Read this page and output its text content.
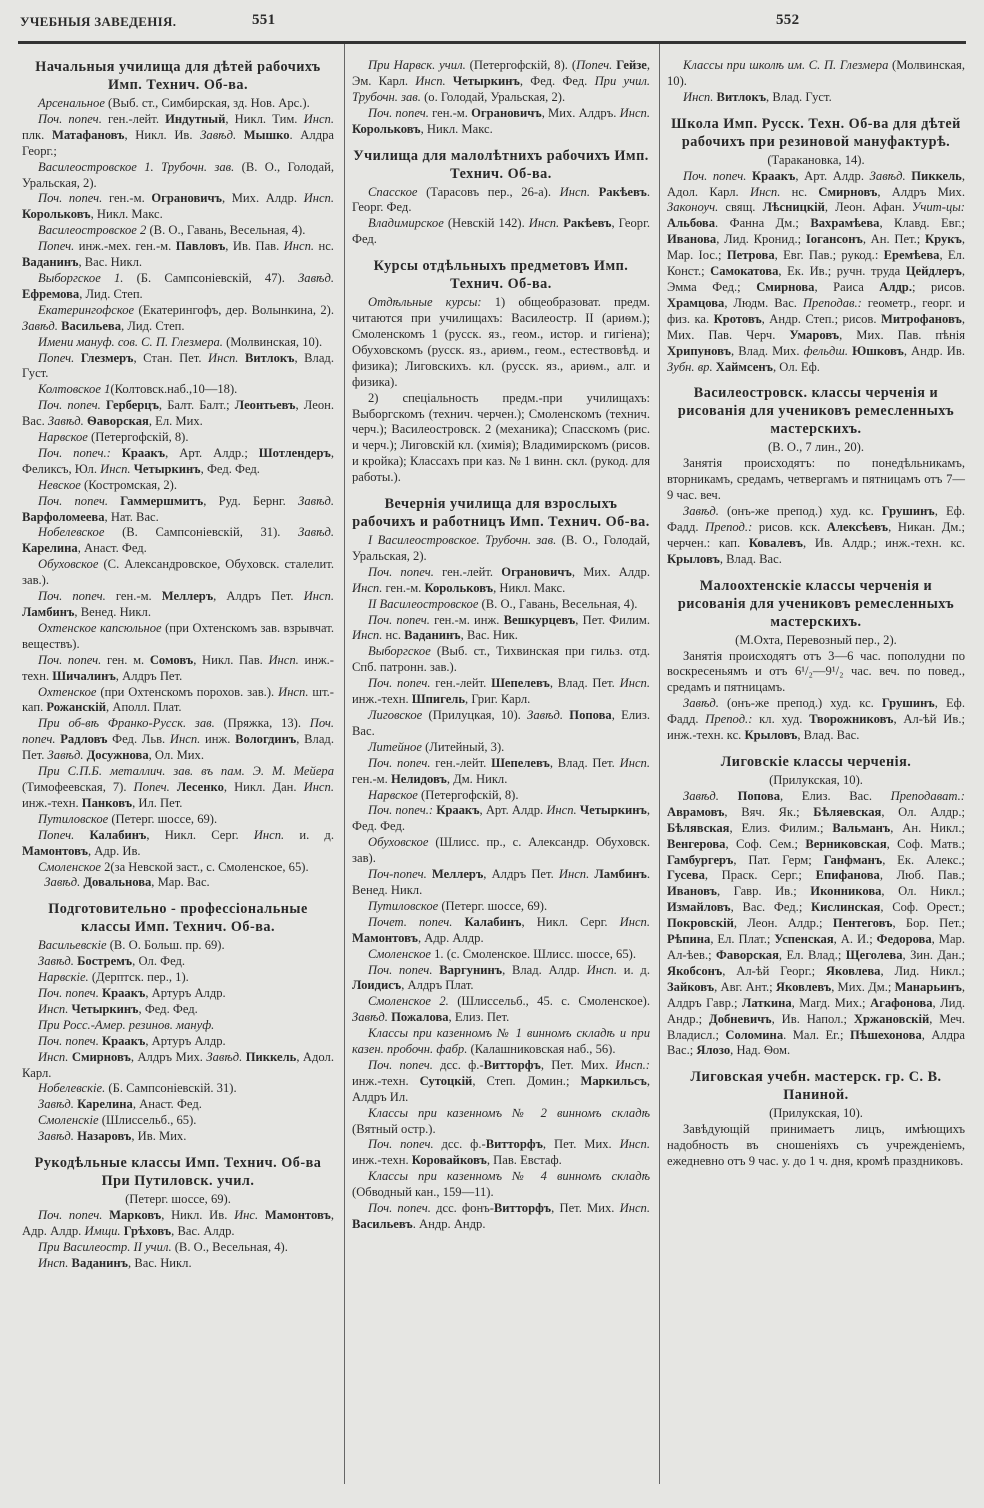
УЧЕБНЫЯ ЗАВЕДЕНІЯ.	551	552
Начальныя училища для дѣтей рабочихъ Имп. Технич. Об-ва.
Арсенальное (Выб. ст., Симбирская, зд. Нов. Арс.).
Поч. попеч. ген.-лейт. Индутный, Никл. Тим. Инсп. плк. Матафановъ, Никл. Ив. Завѣд. Мышко. Алдра Георг.;
Василеостровское 1. Трубочн. зав. (В. О., Голодай, Уральская, 2).
Поч. попеч. ген.-м. Ограновичъ, Мих. Алдр. Инсп. Корольковъ, Никл. Макс.
Василеостровское 2 (В. О., Гавань, Весельная, 4).
Попеч. инж.-мех. ген.-м. Павловъ, Ив. Пав. Инсп. нс. Ваданинъ, Вас. Никл.
Выборгское 1. (Б. Сампсоніевскій, 47). Завѣд. Ефремова, Лид. Степ.
Екатерингофское (Екатерингофъ, дер. Волынкина, 2). Завѣд. Васильева, Лид. Степ.
Имени мануф. сов. С. П. Глезмера. (Молвинская, 10).
Попеч. Глезмеръ, Стан. Пет. Инсп. Витлокъ, Влад. Густ.
Колтовское 1(Колтовск.наб.,10—18).
Поч. попеч. Герберцъ, Балт. Балт.; Леонтьевъ, Леон. Вас. Завѣд. Ѳаворская, Ел. Мих.
Нарвское (Петергофскій, 8).
Поч. попеч.: Краакъ, Арт. Алдр.; Шотлендеръ, Феликсъ, Юл. Инсп. Четыркинъ, Фед. Фед.
Невское (Костромская, 2).
Поч. попеч. Гаммершмитъ, Руд. Бернг. Завѣд. Варфоломеева, Нат. Вас.
Нобелевское (В. Сампсоніевскій, 31). Завѣд. Карелина, Анаст. Фед.
Обуховское (С. Александровское, Обуховск. сталелит. зав.).
Поч. попеч. ген.-м. Меллеръ, Алдръ Пет. Инсп. Ламбинъ, Венед. Никл.
Охтенское капсюльное (при Охтенскомъ зав. взрывчат. веществъ).
Поч. попеч. ген. м. Сомовъ, Никл. Пав. Инсп. инж.-техн. Шичалинъ, Алдръ Пет.
Охтенское (при Охтенскомъ порохов. зав.). Инсп. шт.-кап. Рожанскій, Аполл. Плат.
При об-вѣ Франко-Русск. зав. (Пряжка, 13). Поч. попеч. Радловъ Фед. Льв. Инсп. инж. Вологдинъ, Влад. Пет. Завѣд. Досужнова, Ол. Мих.
При С.П.Б. металлич. зав. въ пам. Э. М. Мейера (Тимофеевская, 7). Попеч. Лесенко, Никл. Дан. Инсп. инж.-техн. Панковъ, Ил. Пет.
Путиловское (Петерг. шоссе, 69).
Попеч. Калабинъ, Никл. Серг. Инсп. и. д. Мамонтовъ, Адр. Ив.
Смоленское 2(за Невской заст., с. Смоленское, 65).
Завѣд. Довальнова, Мар. Вас.
Подготовительно - профессіональные классы Имп. Технич. Об-ва.
Васильевскіе (В. О. Больш. пр. 69).
Завѣд. Бостремъ, Ол. Фед.
Нарвскіе. (Дерптск. пер., 1).
Поч. попеч. Краакъ, Артуръ Алдр.
Инсп. Четыркинъ, Фед. Фед.
При Росс.-Амер. резинов. мануф.
Поч. попеч. Краакъ, Артуръ Алдр.
Инсп. Смирновъ, Алдръ Мих. Завѣд. Пиккель, Адол. Карл.
Нобелевскіе. (Б. Сампсоніевскій. 31).
Завѣд. Карелина, Анаст. Фед.
Смоленскіе (Шлиссельб., 65).
Завѣд. Назаровъ, Ив. Мих.
Рукодѣльные классы Имп. Технич. Об-ва При Путиловск. учил.
(Петерг. шоссе, 69).
Поч. попеч. Марковъ, Никл. Ив. Инс. Мамонтовъ, Адр. Алдр. Имщи. Грѣховъ, Вас. Алдр.
При Василеостр. II учил. (В. О., Весельная, 4).
Инсп. Ваданинъ, Вас. Никл.
При Нарвск. учил. (Петергофскій, 8). (Попеч. Гейзе, Эм. Карл. Инсп. Четыркинъ, Фед. Фед. При учил. Трубочн. зав. (о. Голодай, Уральская, 2).
Поч. попеч. ген.-м. Ограновичъ, Мих. Алдръ. Инсп. Корольковъ, Никл. Макс.
Училища для малолѣтнихъ рабочихъ Имп. Технич. Об-ва.
Спасское (Тарасовъ пер., 26-а). Инсп. Ракѣевъ. Георг. Фед.
Владимирское (Невскій 142). Инсп. Ракѣевъ, Георг. Фед.
Курсы отдѣльныхъ предметовъ Имп. Технич. Об-ва.
Отдѣльные курсы: 1) общеобразоват. предм. читаются при училищахъ: Василеостр. II (ариѳм.); Смоленскомъ 1 (русск. яз., геом., истор. и гигіена); Обуховскомъ (русск. яз., ариѳм., геом., естествовѣд. и физика); Лиговскихъ. кл. (русск. яз., ариѳм., алг. и физика).
2) спеціальность предм.-при училищахъ: Выборгскомъ (технич. черчен.); Смоленскомъ (технич. черч.); Василеостровск. 2 (механика); Спасскомъ (рис. и черч.); Лиговскій кл. (химія); Владимирскомъ (рисов. и кройка); Классахъ при каз. № 1 винн. скл. (рукод. для работы.).
Вечернія училища для взрослыхъ рабочихъ и работницъ Имп. Технич. Об-ва.
I Василеостровское. Трубочн. зав. (В. О., Голодай, Уральская, 2).
Поч. попеч. ген.-лейт. Ограновичъ, Мих. Алдр. Инсп. ген.-м. Корольковъ, Никл. Макс.
II Василеостровское (В. О., Гавань, Весельная, 4).
Поч. попеч. ген.-м. инж. Вешкурцевъ, Пет. Филим. Инсп. нс. Ваданинъ, Вас. Ник.
Выборгское (Выб. ст., Тихвинская при гильз. отд. Спб. патронн. зав.).
Поч. попеч. ген.-лейт. Шепелевъ, Влад. Пет. Инсп. инж.-техн. Шпигель, Григ. Карл.
Лиговское (Прилуцкая, 10). Завѣд. Попова, Елиз. Вас.
Литейное (Литейный, 3).
Поч. попеч. ген.-лейт. Шепелевъ, Влад. Пет. Инсп. ген.-м. Нелидовъ, Дм. Никл.
Нарвское (Петергофскій, 8).
Поч. попеч.: Краакъ, Арт. Алдр. Инсп. Четыркинъ, Фед. Фед.
Обуховское (Шлисс. пр., с. Александр. Обуховск. зав).
Поч-попеч. Меллеръ, Алдръ Пет. Инсп. Ламбинъ. Венед. Никл.
Путиловское (Петерг. шоссе, 69).
Почет. попеч. Калабинъ, Никл. Серг. Инсп. Мамонтовъ, Адр. Алдр.
Смоленское 1. (с. Смоленское. Шлисс. шоссе, 65).
Поч. попеч. Варгунинъ, Влад. Алдр. Инсп. и. д. Лоидисъ, Алдръ Плат.
Смоленское 2. (Шлиссельб., 45. с. Смоленское). Завѣд. Пожалова, Елиз. Пет.
Классы при казенномъ № 1 винномъ складѣ и при казен. пробочн. фабр. (Калашниковская наб., 56).
Поч. попеч. дсс. ф.-Витторфъ, Пет. Мих. Инсп.: инж.-техн. Сутоцкій, Степ. Домин.; Маркильсъ, Алдръ Ил.
Классы при казенномъ № 2 винномъ складѣ (Вятный остр.).
Поч. попеч. дсс. ф.-Витторфъ, Пет. Мих. Инсп. инж.-техн. Коровайковъ, Пав. Евстаф.
Классы при казенномъ № 4 винномъ складѣ (Обводный кан., 159—11).
Поч. попеч. дсс. фонъ-Витторфъ, Пет. Мих. Инсп. Васильевъ. Андр. Андр.
Классы при школѣ им. С. П. Глезмера (Молвинская, 10).
Инсп. Витлокъ, Влад. Густ.
Школа Имп. Русск. Техн. Об-ва для дѣтей рабочихъ при резиновой мануфактурѣ.
(Таракановка, 14).
Поч. попеч. Краакъ, Арт. Алдр. Завѣд. Пиккель, Адол. Карл. Инсп. нс. Смирновъ, Алдръ Мих. Законоуч. свящ. Лѣсницкій, Леон. Афан. Учит-цы: Альбова. Фанна Дм.; Вахрамѣева, Клавд. Евг.; Иванова, Лид. Кронид.; Іогансонъ, Ан. Пет.; Крукъ, Мар. Іос.; Петрова, Евг. Пав.; рукод.: Еремѣева, Ел. Конст.; Самокатова, Ек. Ив.; ручн. труда Цейдлеръ, Эмма Фед.; Смирнова, Раиса Алдр.; рисов. Храмцова, Людм. Вас. Преподав.: геометр., георг. и физ. ка. Кротовъ, Андр. Степ.; рисов. Митрофановъ, Мих. Пав. Черч. Умаровъ, Мих. Пав. пѣнія Хрипуновъ, Влад. Мих. фельдш. Юшковъ, Андр. Ив. Зубн. вр. Хаймсенъ, Ол. Еф.
Василеостровск. классы черченія и рисованія для учениковъ ремесленныхъ мастерскихъ.
(В. О., 7 лин., 20).
Занятія происходятъ: по понедѣльникамъ, вторникамъ, средамъ, четвергамъ и пятницамъ отъ 7—9 час. веч.
Завѣд. (онъ-же препод.) худ. кс. Грушинъ, Еф. Фадд. Препод.: рисов. кск. Алексѣевъ, Никан. Дм.; черчен.: кап. Ковалевъ, Ив. Алдр.; инж.-техн. кс. Крыловъ, Влад. Вас.
Малоохтенскіе классы черченія и рисованія для учениковъ ремесленныхъ мастерскихъ.
(М.Охта, Перевозный пер., 2).
Занятія происходятъ отъ 3—6 час. пополудни по воскресеньямъ и отъ 6¹/₂—9¹/₂ час. веч. по повед., средамъ и пятницамъ.
Завѣд. (онъ-же препод.) худ. кс. Грушинъ, Еф. Фадд. Препод.: кл. худ. Творожниковъ, Ал-ѣй Ив.; инж.-техн. кс. Крыловъ, Влад. Вас.
Лиговскіе классы черченія.
(Прилукская, 10).
Завѣд. Попова, Елиз. Вас. Преподават.: Аврамовъ, Вяч. Як.; Бѣляевская, Ол. Алдр.; Бѣлявская, Елиз. Филим.; Вальманъ, Ан. Никл.; Венгерова, Соф. Сем.; Верниковская, Соф. Матв.; Гамбургеръ, Пат. Герм; Ганфманъ, Ек. Алекс.; Гусева, Праск. Серг.; Епифанова, Люб. Пав.; Ивановъ, Гавр. Ив.; Иконникова, Ол. Никл.; Измайловъ, Вас. Фед.; Кислинская, Соф. Орест.; Покровскій, Леон. Алдр.; Пентеговъ, Бор. Пет.; Рѣпина, Ел. Плат.; Успенская, А. И.; Федорова, Мар. Ал-ѣев.; Фаворская, Ел. Влад.; Щеголева, Зин. Дан.; Якобсонъ, Ал-ѣй Георг.; Яковлева, Лид. Никл.; Зайковъ, Авг. Ант.; Яковлевъ, Мих. Дм.; Манарьинъ, Алдръ Гавр.; Латкина, Магд. Мих.; Агафонова, Лид. Андр.; Добневичъ, Ив. Напол.; Хржановскій, Меч. Владисл.; Соломина. Мал. Ег.; Пѣшехонова, Алдра Вас.; Ялозо, Над. Ѳом.
Лиговская учебн. мастерск. гр. С. В. Паниной.
(Прилукская, 10).
Завѣдующій принимаетъ лицъ, имѣющихъ надобность въ сношеніяхъ съ учрежденіемъ, ежедневно отъ 9 час. у. до 1 ч. дня, кромѣ праздниковъ.
